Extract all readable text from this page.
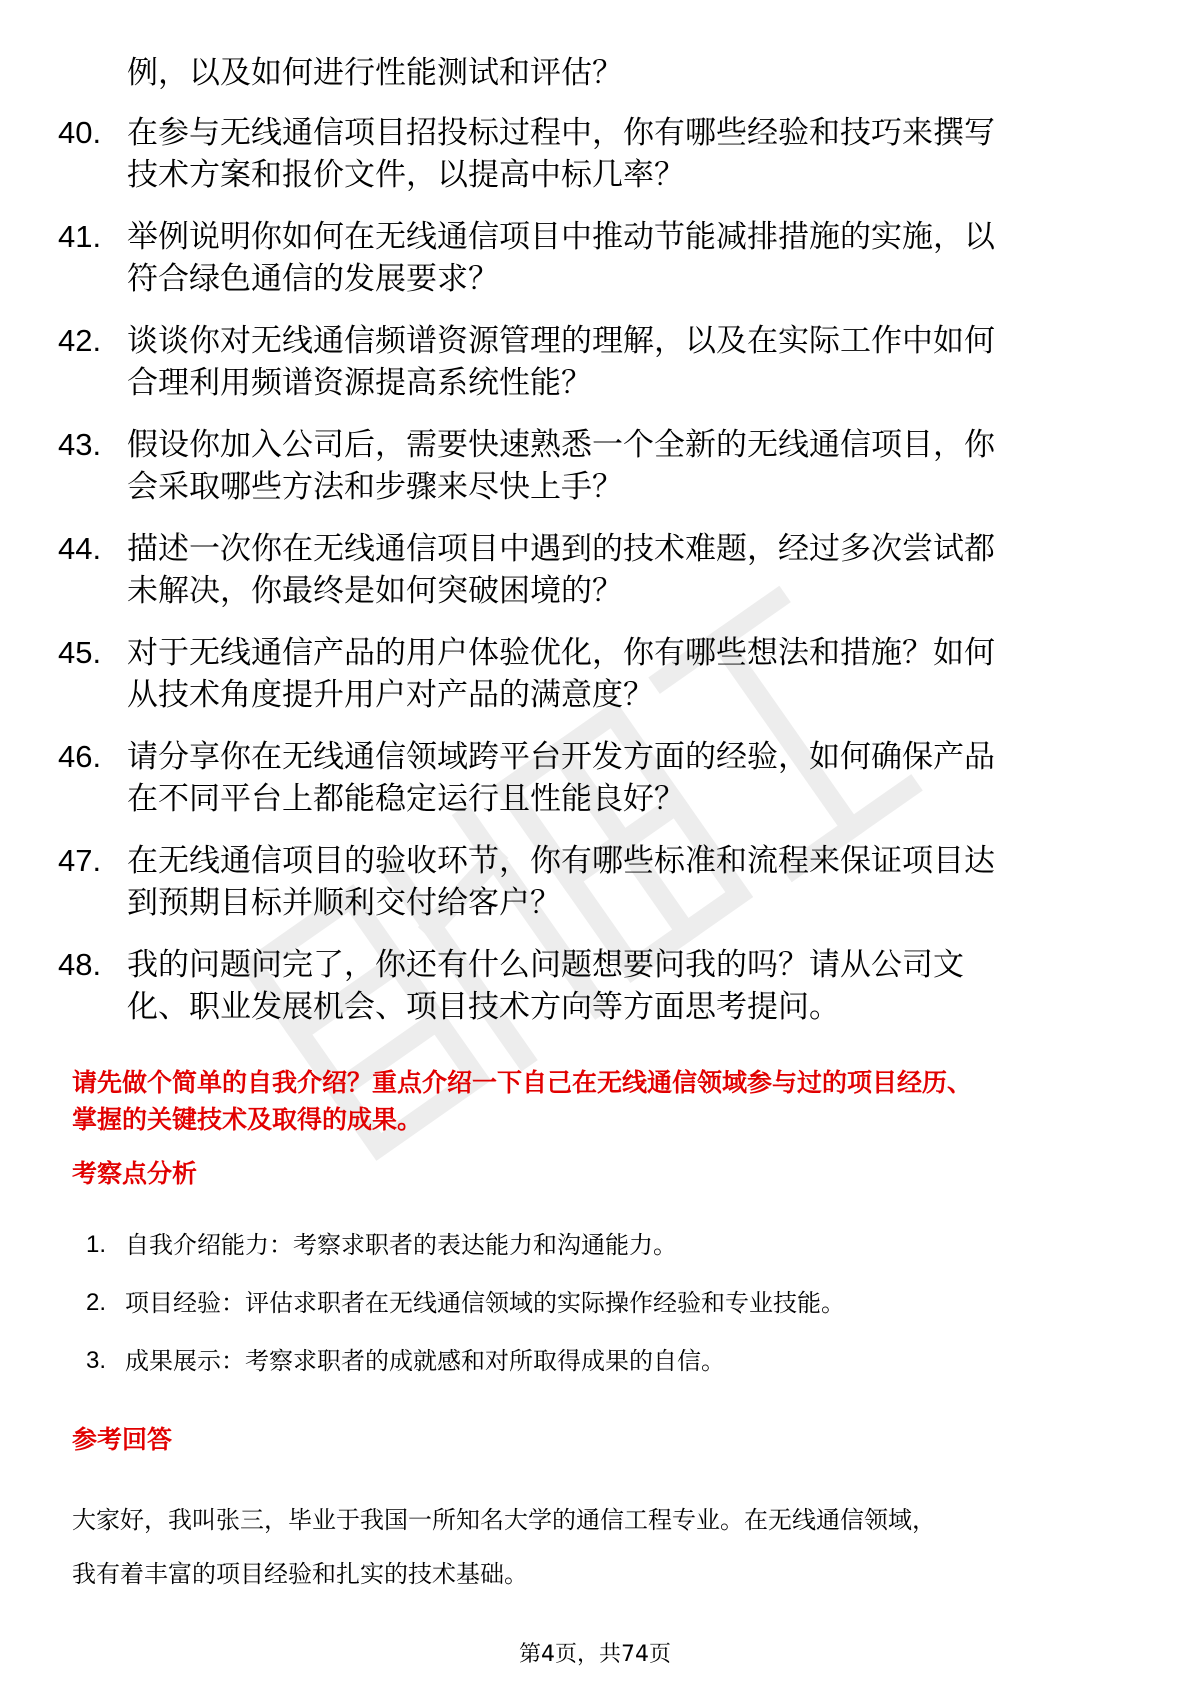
例，以及如何进行性能测试和评估？
40. 在参与无线通信项目招投标过程中，你有哪些经验和技巧来撰写
技术方案和报价文件，以提高中标几率？
41. 举例说明你如何在无线通信项目中推动节能减排措施的实施，以
符合绿色通信的发展要求？
42. 谈谈你对无线通信频谱资源管理的理解，以及在实际工作中如何
合理利用频谱资源提高系统性能？
43. 假设你加入公司后，需要快速熟悉一个全新的无线通信项目，你
会采取哪些方法和步骤来尽快上手？
44. 描述一次你在无线通信项目中遇到的技术难题，经过多次尝试都
未解决，你最终是如何突破困境的？
45. 对于无线通信产品的用户体验优化，你有哪些想法和措施？如何
从技术角度提升用户对产品的满意度？
46. 请分享你在无线通信领域跨平台开发方面的经验，如何确保产品
在不同平台上都能稳定运行且性能良好？
47. 在无线通信项目的验收环节，你有哪些标准和流程来保证项目达
到预期目标并顺利交付给客户？
48. 我的问题问完了，你还有什么问题想要问我的吗？请从公司文
化、职业发展机会、项目技术方向等方面思考提问。
请先做个简单的自我介绍？重点介绍一下自己在无线通信领域参与过的项目经历、
掌握的关键技术及取得的成果。
考察点分析
1. 自我介绍能力：考察求职者的表达能力和沟通能力。
2. 项目经验：评估求职者在无线通信领域的实际操作经验和专业技能。
3. 成果展示：考察求职者的成就感和对所取得成果的自信。
参考回答
大家好，我叫张三，毕业于我国一所知名大学的通信工程专业。在无线通信领域，
我有着丰富的项目经验和扎实的技术基础。
第4页，共74页
